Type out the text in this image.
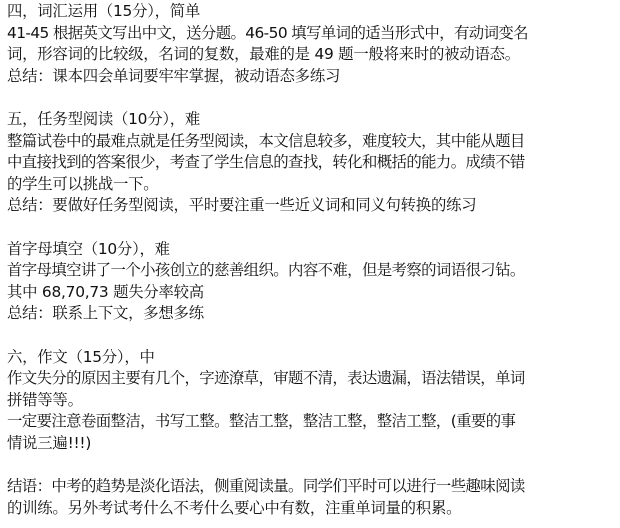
四，词汇运用（15分），简单
41-45 根据英文写出中文，送分题。46-50 填写单词的适当形式中，有动词变名
词，形容词的比较级，名词的复数，最难的是 49 题一般将来时的被动语态。
总结：课本四会单词要牢牢掌握，被动语态多练习
五，任务型阅读（10分），难
整篇试卷中的最难点就是任务型阅读，本文信息较多，难度较大，其中能从题目
中直接找到的答案很少，考查了学生信息的查找，转化和概括的能力。成绩不错
的学生可以挑战一下。
总结：要做好任务型阅读，平时要注重一些近义词和同义句转换的练习
首字母填空（10分），难
首字母填空讲了一个小孩创立的慈善组织。内容不难，但是考察的词语很刁钻。
其中 68,70,73 题失分率较高
总结：联系上下文，多想多练
六，作文（15分），中
作文失分的原因主要有几个，字迹潦草，审题不清，表达遗漏，语法错误，单词
拼错等等。
一定要注意卷面整洁，书写工整。整洁工整，整洁工整，整洁工整，(重要的事
情说三遍!!!)
结语：中考的趋势是淡化语法，侧重阅读量。同学们平时可以进行一些趣味阅读
的训练。另外考试考什么不考什么要心中有数，注重单词量的积累。
